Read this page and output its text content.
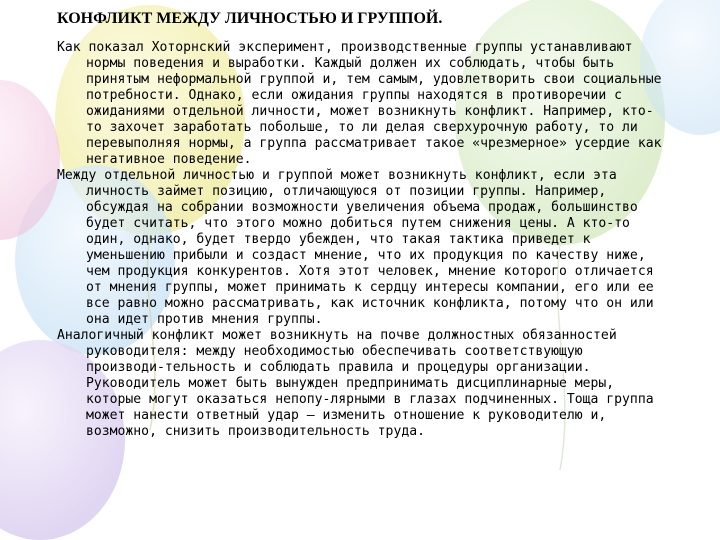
КОНФЛИКТ МЕЖДУ ЛИЧНОСТЬЮ И ГРУППОЙ.

Как показал Хоторнский эксперимент, производственные группы устанавливают нормы поведения и выработки. Каждый должен их соблюдать, чтобы быть принятым неформальной группой и, тем самым, удовлетворить свои социальные потребности. Однако, если ожидания группы находятся в противоречии с ожиданиями отдельной личности, может возникнуть конфликт. Например, кто-то захочет заработать побольше, то ли делая сверхурочную работу, то ли перевыполняя нормы, а группа рассматривает такое «чрезмерное» усердие как негативное поведение.

Между отдельной личностью и группой может возникнуть конфликт, если эта личность займет позицию, отличающуюся от позиции группы. Например, обсуждая на собрании возможности увеличения объема продаж, большинство будет считать, что этого можно добиться путем снижения цены. А кто-то один, однако, будет твердо убежден, что такая тактика приведет к уменьшению прибыли и создаст мнение, что их продукция по качеству ниже, чем продукция конкурентов. Хотя этот человек, мнение которого отличается от мнения группы, может принимать к сердцу интересы компании, его или ее все равно можно рассматривать, как источник конфликта, потому что он или она идет против мнения группы.

Аналогичный конфликт может возникнуть на почве должностных обязанностей руководителя: между необходимостью обеспечивать соответствующую производи-тельность и соблюдать правила и процедуры организации. Руководитель может быть вынужден предпринимать дисциплинарные меры, которые могут оказаться непопу-лярными в глазах подчиненных. Тоща группа может нанести ответный удар — изменить отношение к руководителю и, возможно, снизить производительность труда.
